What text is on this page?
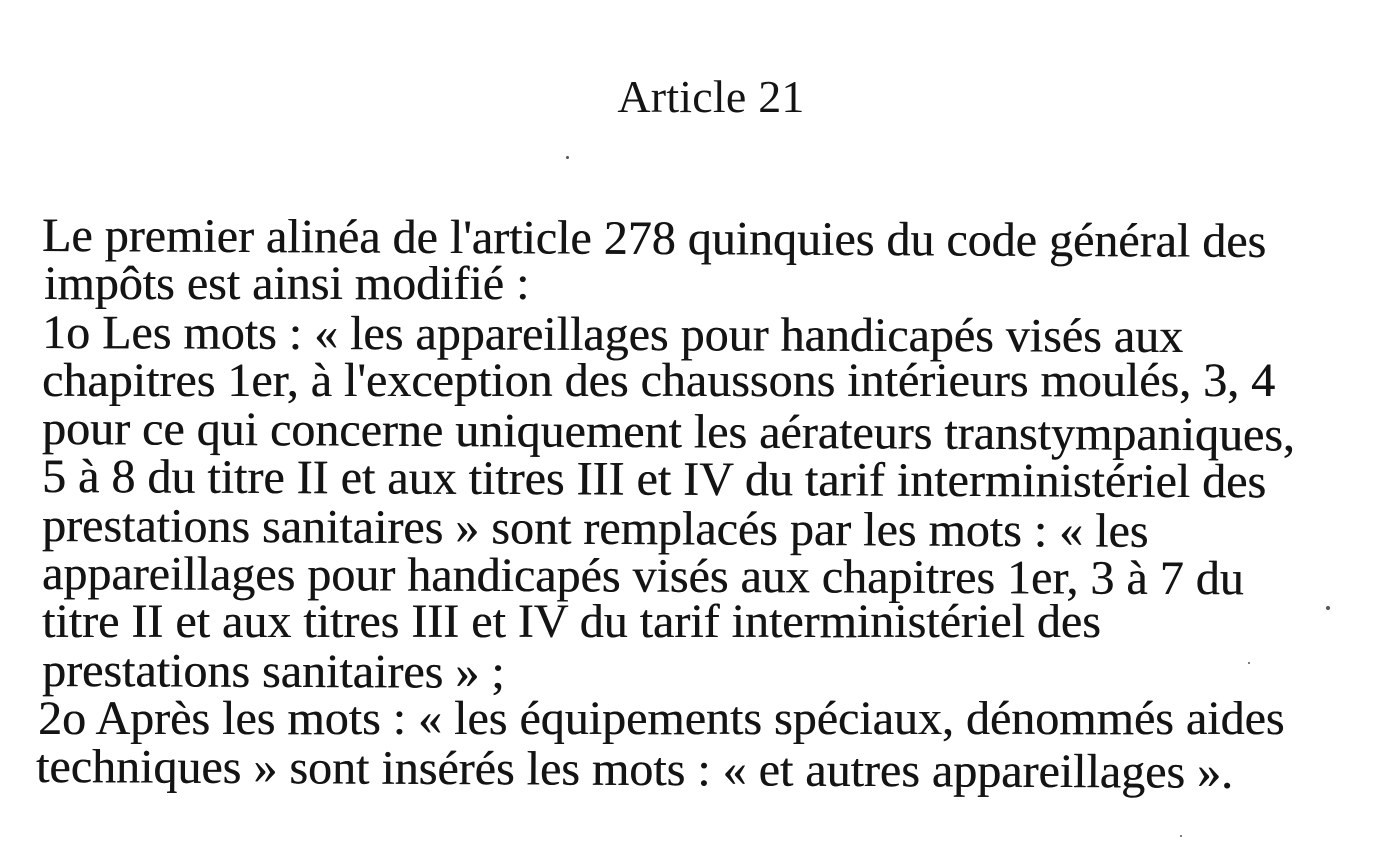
Article 21
Le premier alinéa de l'article 278 quinquies du code général des
impôts est ainsi modifié :
1o Les mots : « les appareillages pour handicapés visés aux
chapitres 1er, à l'exception des chaussons intérieurs moulés, 3, 4
pour ce qui concerne uniquement les aérateurs transtympaniques,
5 à 8 du titre II et aux titres III et IV du tarif interministériel des
prestations sanitaires » sont remplacés par les mots : « les
appareillages pour handicapés visés aux chapitres 1er, 3 à 7 du
titre II et aux titres III et IV du tarif interministériel des
prestations sanitaires » ;
2o Après les mots : « les équipements spéciaux, dénommés aides
techniques » sont insérés les mots : « et autres appareillages ».
